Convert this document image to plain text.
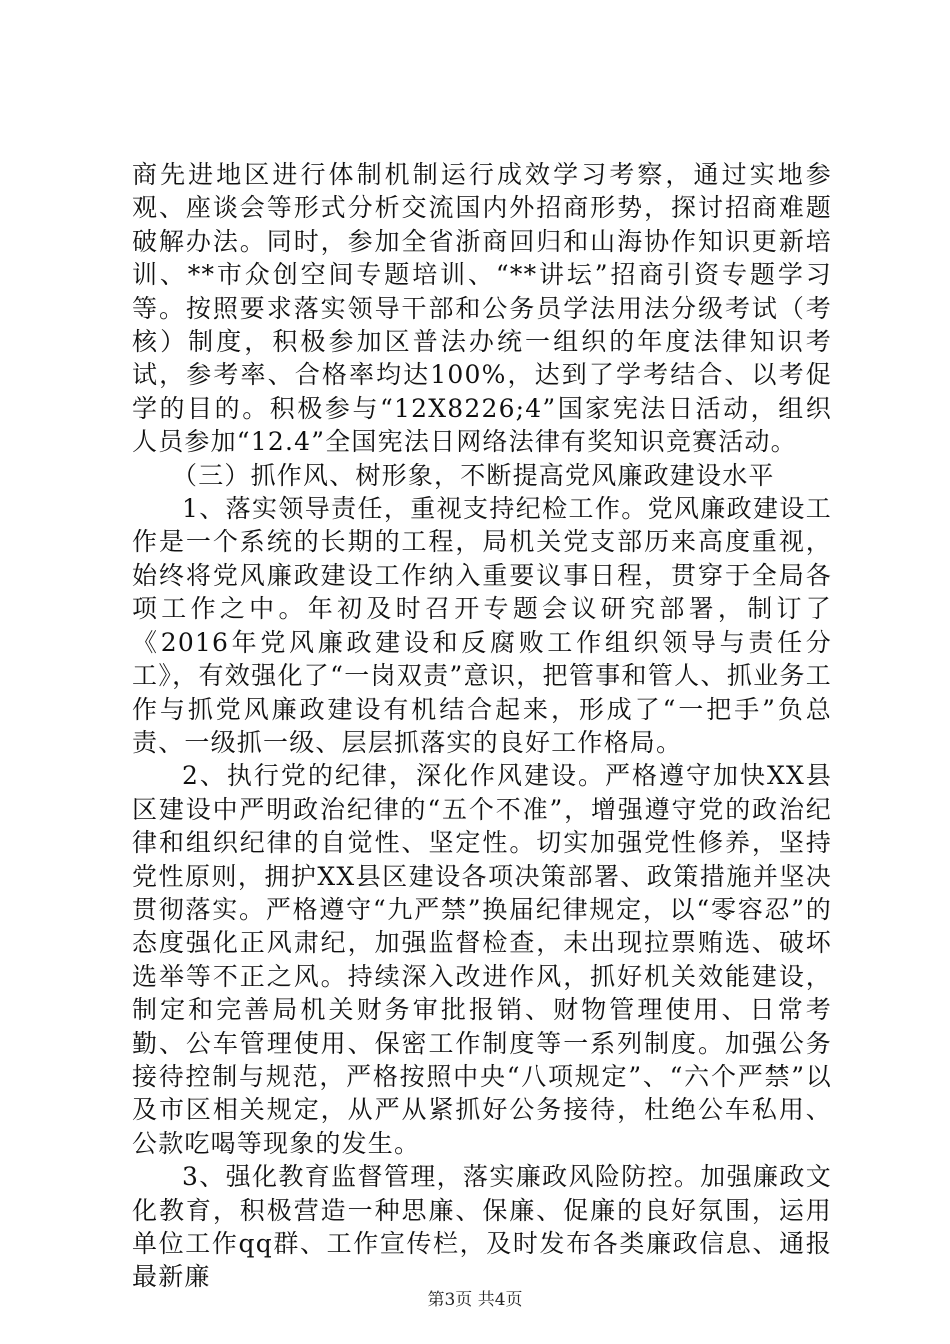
商先进地区进行体制机制运行成效学习考察，通过实地参观、座谈会等形式分析交流国内外招商形势，探讨招商难题破解办法。同时，参加全省浙商回归和山海协作知识更新培训、**市众创空间专题培训、“**讲坛”招商引资专题学习等。按照要求落实领导干部和公务员学法用法分级考试（考核）制度，积极参加区普法办统一组织的年度法律知识考试，参考率、合格率均达100%，达到了学考结合、以考促学的目的。积极参与“12X8226;4”国家宪法日活动，组织人员参加“12.4”全国宪法日网络法律有奖知识竞赛活动。

（三）抓作风、树形象，不断提高党风廉政建设水平

1、落实领导责任，重视支持纪检工作。党风廉政建设工作是一个系统的长期的工程，局机关党支部历来高度重视，始终将党风廉政建设工作纳入重要议事日程，贯穿于全局各项工作之中。年初及时召开专题会议研究部署，制订了《2016年党风廉政建设和反腐败工作组织领导与责任分工》，有效强化了“一岗双责”意识，把管事和管人、抓业务工作与抓党风廉政建设有机结合起来，形成了“一把手”负总责、一级抓一级、层层抓落实的良好工作格局。

2、执行党的纪律，深化作风建设。严格遵守加快XX县区建设中严明政治纪律的“五个不准”，增强遵守党的政治纪律和组织纪律的自觉性、坚定性。切实加强党性修养，坚持党性原则，拥护XX县区建设各项决策部署、政策措施并坚决贯彻落实。严格遵守“九严禁”换届纪律规定，以“零容忍”的态度强化正风肃纪，加强监督检查，未出现拉票贿选、破坏选举等不正之风。持续深入改进作风，抓好机关效能建设，制定和完善局机关财务审批报销、财物管理使用、日常考勤、公车管理使用、保密工作制度等一系列制度。加强公务接待控制与规范，严格按照中央“八项规定”、“六个严禁”以及市区相关规定，从严从紧抓好公务接待，杜绝公车私用、公款吃喝等现象的发生。

3、强化教育监督管理，落实廉政风险防控。加强廉政文化教育，积极营造一种思廉、保廉、促廉的良好氛围，运用单位工作qq群、工作宣传栏，及时发布各类廉政信息、通报最新廉

第3页 共4页
